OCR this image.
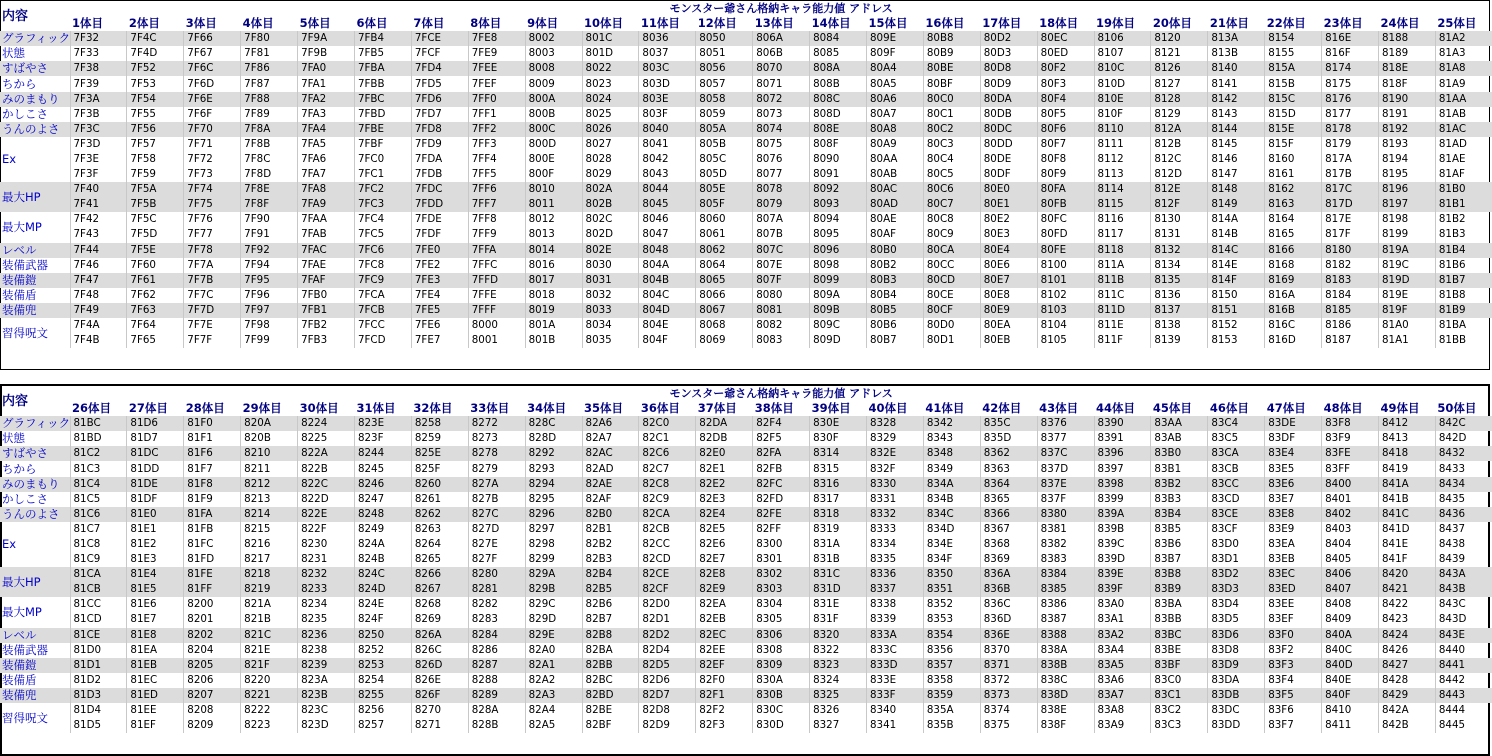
内容	モンスター爺さん格納キャラ能力値 アドレス																								
	1体目	2体目	3体目	4体目	5体目	6体目	7体目	8体目	9体目	10体目	11体目	12体目	13体目	14体目	15体目	16体目	17体目	18体目	19体目	20体目	21体目	22体目	23体目	24体目	25体目
グラフィック	7F32	7F4C	7F66	7F80	7F9A	7FB4	7FCE	7FE8	8002	801C	8036	8050	806A	8084	809E	80B8	80D2	80EC	8106	8120	813A	8154	816E	8188	81A2
状態	7F33	7F4D	7F67	7F81	7F9B	7FB5	7FCF	7FE9	8003	801D	8037	8051	806B	8085	809F	80B9	80D3	80ED	8107	8121	813B	8155	816F	8189	81A3
すばやさ	7F38	7F52	7F6C	7F86	7FA0	7FBA	7FD4	7FEE	8008	8022	803C	8056	8070	808A	80A4	80BE	80D8	80F2	810C	8126	8140	815A	8174	818E	81A8
ちから	7F39	7F53	7F6D	7F87	7FA1	7FBB	7FD5	7FEF	8009	8023	803D	8057	8071	808B	80A5	80BF	80D9	80F3	810D	8127	8141	815B	8175	818F	81A9
みのまもり	7F3A	7F54	7F6E	7F88	7FA2	7FBC	7FD6	7FF0	800A	8024	803E	8058	8072	808C	80A6	80C0	80DA	80F4	810E	8128	8142	815C	8176	8190	81AA
かしこさ	7F3B	7F55	7F6F	7F89	7FA3	7FBD	7FD7	7FF1	800B	8025	803F	8059	8073	808D	80A7	80C1	80DB	80F5	810F	8129	8143	815D	8177	8191	81AB
うんのよさ	7F3C	7F56	7F70	7F8A	7FA4	7FBE	7FD8	7FF2	800C	8026	8040	805A	8074	808E	80A8	80C2	80DC	80F6	8110	812A	8144	815E	8178	8192	81AC
Ex	7F3D	7F57	7F71	7F8B	7FA5	7FBF	7FD9	7FF3	800D	8027	8041	805B	8075	808F	80A9	80C3	80DD	80F7	8111	812B	8145	815F	8179	8193	81AD
	7F3E	7F58	7F72	7F8C	7FA6	7FC0	7FDA	7FF4	800E	8028	8042	805C	8076	8090	80AA	80C4	80DE	80F8	8112	812C	8146	8160	817A	8194	81AE
	7F3F	7F59	7F73	7F8D	7FA7	7FC1	7FDB	7FF5	800F	8029	8043	805D	8077	8091	80AB	80C5	80DF	80F9	8113	812D	8147	8161	817B	8195	81AF
最大HP	7F40	7F5A	7F74	7F8E	7FA8	7FC2	7FDC	7FF6	8010	802A	8044	805E	8078	8092	80AC	80C6	80E0	80FA	8114	812E	8148	8162	817C	8196	81B0
	7F41	7F5B	7F75	7F8F	7FA9	7FC3	7FDD	7FF7	8011	802B	8045	805F	8079	8093	80AD	80C7	80E1	80FB	8115	812F	8149	8163	817D	8197	81B1
最大MP	7F42	7F5C	7F76	7F90	7FAA	7FC4	7FDE	7FF8	8012	802C	8046	8060	807A	8094	80AE	80C8	80E2	80FC	8116	8130	814A	8164	817E	8198	81B2
	7F43	7F5D	7F77	7F91	7FAB	7FC5	7FDF	7FF9	8013	802D	8047	8061	807B	8095	80AF	80C9	80E3	80FD	8117	8131	814B	8165	817F	8199	81B3
レベル	7F44	7F5E	7F78	7F92	7FAC	7FC6	7FE0	7FFA	8014	802E	8048	8062	807C	8096	80B0	80CA	80E4	80FE	8118	8132	814C	8166	8180	819A	81B4
装備武器	7F46	7F60	7F7A	7F94	7FAE	7FC8	7FE2	7FFC	8016	8030	804A	8064	807E	8098	80B2	80CC	80E6	8100	811A	8134	814E	8168	8182	819C	81B6
装備鎧	7F47	7F61	7F7B	7F95	7FAF	7FC9	7FE3	7FFD	8017	8031	804B	8065	807F	8099	80B3	80CD	80E7	8101	811B	8135	814F	8169	8183	819D	81B7
装備盾	7F48	7F62	7F7C	7F96	7FB0	7FCA	7FE4	7FFE	8018	8032	804C	8066	8080	809A	80B4	80CE	80E8	8102	811C	8136	8150	816A	8184	819E	81B8
装備兜	7F49	7F63	7F7D	7F97	7FB1	7FCB	7FE5	7FFF	8019	8033	804D	8067	8081	809B	80B5	80CF	80E9	8103	811D	8137	8151	816B	8185	819F	81B9
習得呪文	7F4A	7F64	7F7E	7F98	7FB2	7FCC	7FE6	8000	801A	8034	804E	8068	8082	809C	80B6	80D0	80EA	8104	811E	8138	8152	816C	8186	81A0	81BA
	7F4B	7F65	7F7F	7F99	7FB3	7FCD	7FE7	8001	801B	8035	804F	8069	8083	809D	80B7	80D1	80EB	8105	811F	8139	8153	816D	8187	81A1	81BB
内容	モンスター爺さん格納キャラ能力値 アドレス																								
	26体目	27体目	28体目	29体目	30体目	31体目	32体目	33体目	34体目	35体目	36体目	37体目	38体目	39体目	40体目	41体目	42体目	43体目	44体目	45体目	46体目	47体目	48体目	49体目	50体目
グラフィック	81BC	81D6	81F0	820A	8224	823E	8258	8272	828C	82A6	82C0	82DA	82F4	830E	8328	8342	835C	8376	8390	83AA	83C4	83DE	83F8	8412	842C
状態	81BD	81D7	81F1	820B	8225	823F	8259	8273	828D	82A7	82C1	82DB	82F5	830F	8329	8343	835D	8377	8391	83AB	83C5	83DF	83F9	8413	842D
すばやさ	81C2	81DC	81F6	8210	822A	8244	825E	8278	8292	82AC	82C6	82E0	82FA	8314	832E	8348	8362	837C	8396	83B0	83CA	83E4	83FE	8418	8432
ちから	81C3	81DD	81F7	8211	822B	8245	825F	8279	8293	82AD	82C7	82E1	82FB	8315	832F	8349	8363	837D	8397	83B1	83CB	83E5	83FF	8419	8433
みのまもり	81C4	81DE	81F8	8212	822C	8246	8260	827A	8294	82AE	82C8	82E2	82FC	8316	8330	834A	8364	837E	8398	83B2	83CC	83E6	8400	841A	8434
かしこさ	81C5	81DF	81F9	8213	822D	8247	8261	827B	8295	82AF	82C9	82E3	82FD	8317	8331	834B	8365	837F	8399	83B3	83CD	83E7	8401	841B	8435
うんのよさ	81C6	81E0	81FA	8214	822E	8248	8262	827C	8296	82B0	82CA	82E4	82FE	8318	8332	834C	8366	8380	839A	83B4	83CE	83E8	8402	841C	8436
Ex	81C7	81E1	81FB	8215	822F	8249	8263	827D	8297	82B1	82CB	82E5	82FF	8319	8333	834D	8367	8381	839B	83B5	83CF	83E9	8403	841D	8437
	81C8	81E2	81FC	8216	8230	824A	8264	827E	8298	82B2	82CC	82E6	8300	831A	8334	834E	8368	8382	839C	83B6	83D0	83EA	8404	841E	8438
	81C9	81E3	81FD	8217	8231	824B	8265	827F	8299	82B3	82CD	82E7	8301	831B	8335	834F	8369	8383	839D	83B7	83D1	83EB	8405	841F	8439
最大HP	81CA	81E4	81FE	8218	8232	824C	8266	8280	829A	82B4	82CE	82E8	8302	831C	8336	8350	836A	8384	839E	83B8	83D2	83EC	8406	8420	843A
	81CB	81E5	81FF	8219	8233	824D	8267	8281	829B	82B5	82CF	82E9	8303	831D	8337	8351	836B	8385	839F	83B9	83D3	83ED	8407	8421	843B
最大MP	81CC	81E6	8200	821A	8234	824E	8268	8282	829C	82B6	82D0	82EA	8304	831E	8338	8352	836C	8386	83A0	83BA	83D4	83EE	8408	8422	843C
	81CD	81E7	8201	821B	8235	824F	8269	8283	829D	82B7	82D1	82EB	8305	831F	8339	8353	836D	8387	83A1	83BB	83D5	83EF	8409	8423	843D
レベル	81CE	81E8	8202	821C	8236	8250	826A	8284	829E	82B8	82D2	82EC	8306	8320	833A	8354	836E	8388	83A2	83BC	83D6	83F0	840A	8424	843E
装備武器	81D0	81EA	8204	821E	8238	8252	826C	8286	82A0	82BA	82D4	82EE	8308	8322	833C	8356	8370	838A	83A4	83BE	83D8	83F2	840C	8426	8440
装備鎧	81D1	81EB	8205	821F	8239	8253	826D	8287	82A1	82BB	82D5	82EF	8309	8323	833D	8357	8371	838B	83A5	83BF	83D9	83F3	840D	8427	8441
装備盾	81D2	81EC	8206	8220	823A	8254	826E	8288	82A2	82BC	82D6	82F0	830A	8324	833E	8358	8372	838C	83A6	83C0	83DA	83F4	840E	8428	8442
装備兜	81D3	81ED	8207	8221	823B	8255	826F	8289	82A3	82BD	82D7	82F1	830B	8325	833F	8359	8373	838D	83A7	83C1	83DB	83F5	840F	8429	8443
習得呪文	81D4	81EE	8208	8222	823C	8256	8270	828A	82A4	82BE	82D8	82F2	830C	8326	8340	835A	8374	838E	83A8	83C2	83DC	83F6	8410	842A	8444
	81D5	81EF	8209	8223	823D	8257	8271	828B	82A5	82BF	82D9	82F3	830D	8327	8341	835B	8375	838F	83A9	83C3	83DD	83F7	8411	842B	8445
